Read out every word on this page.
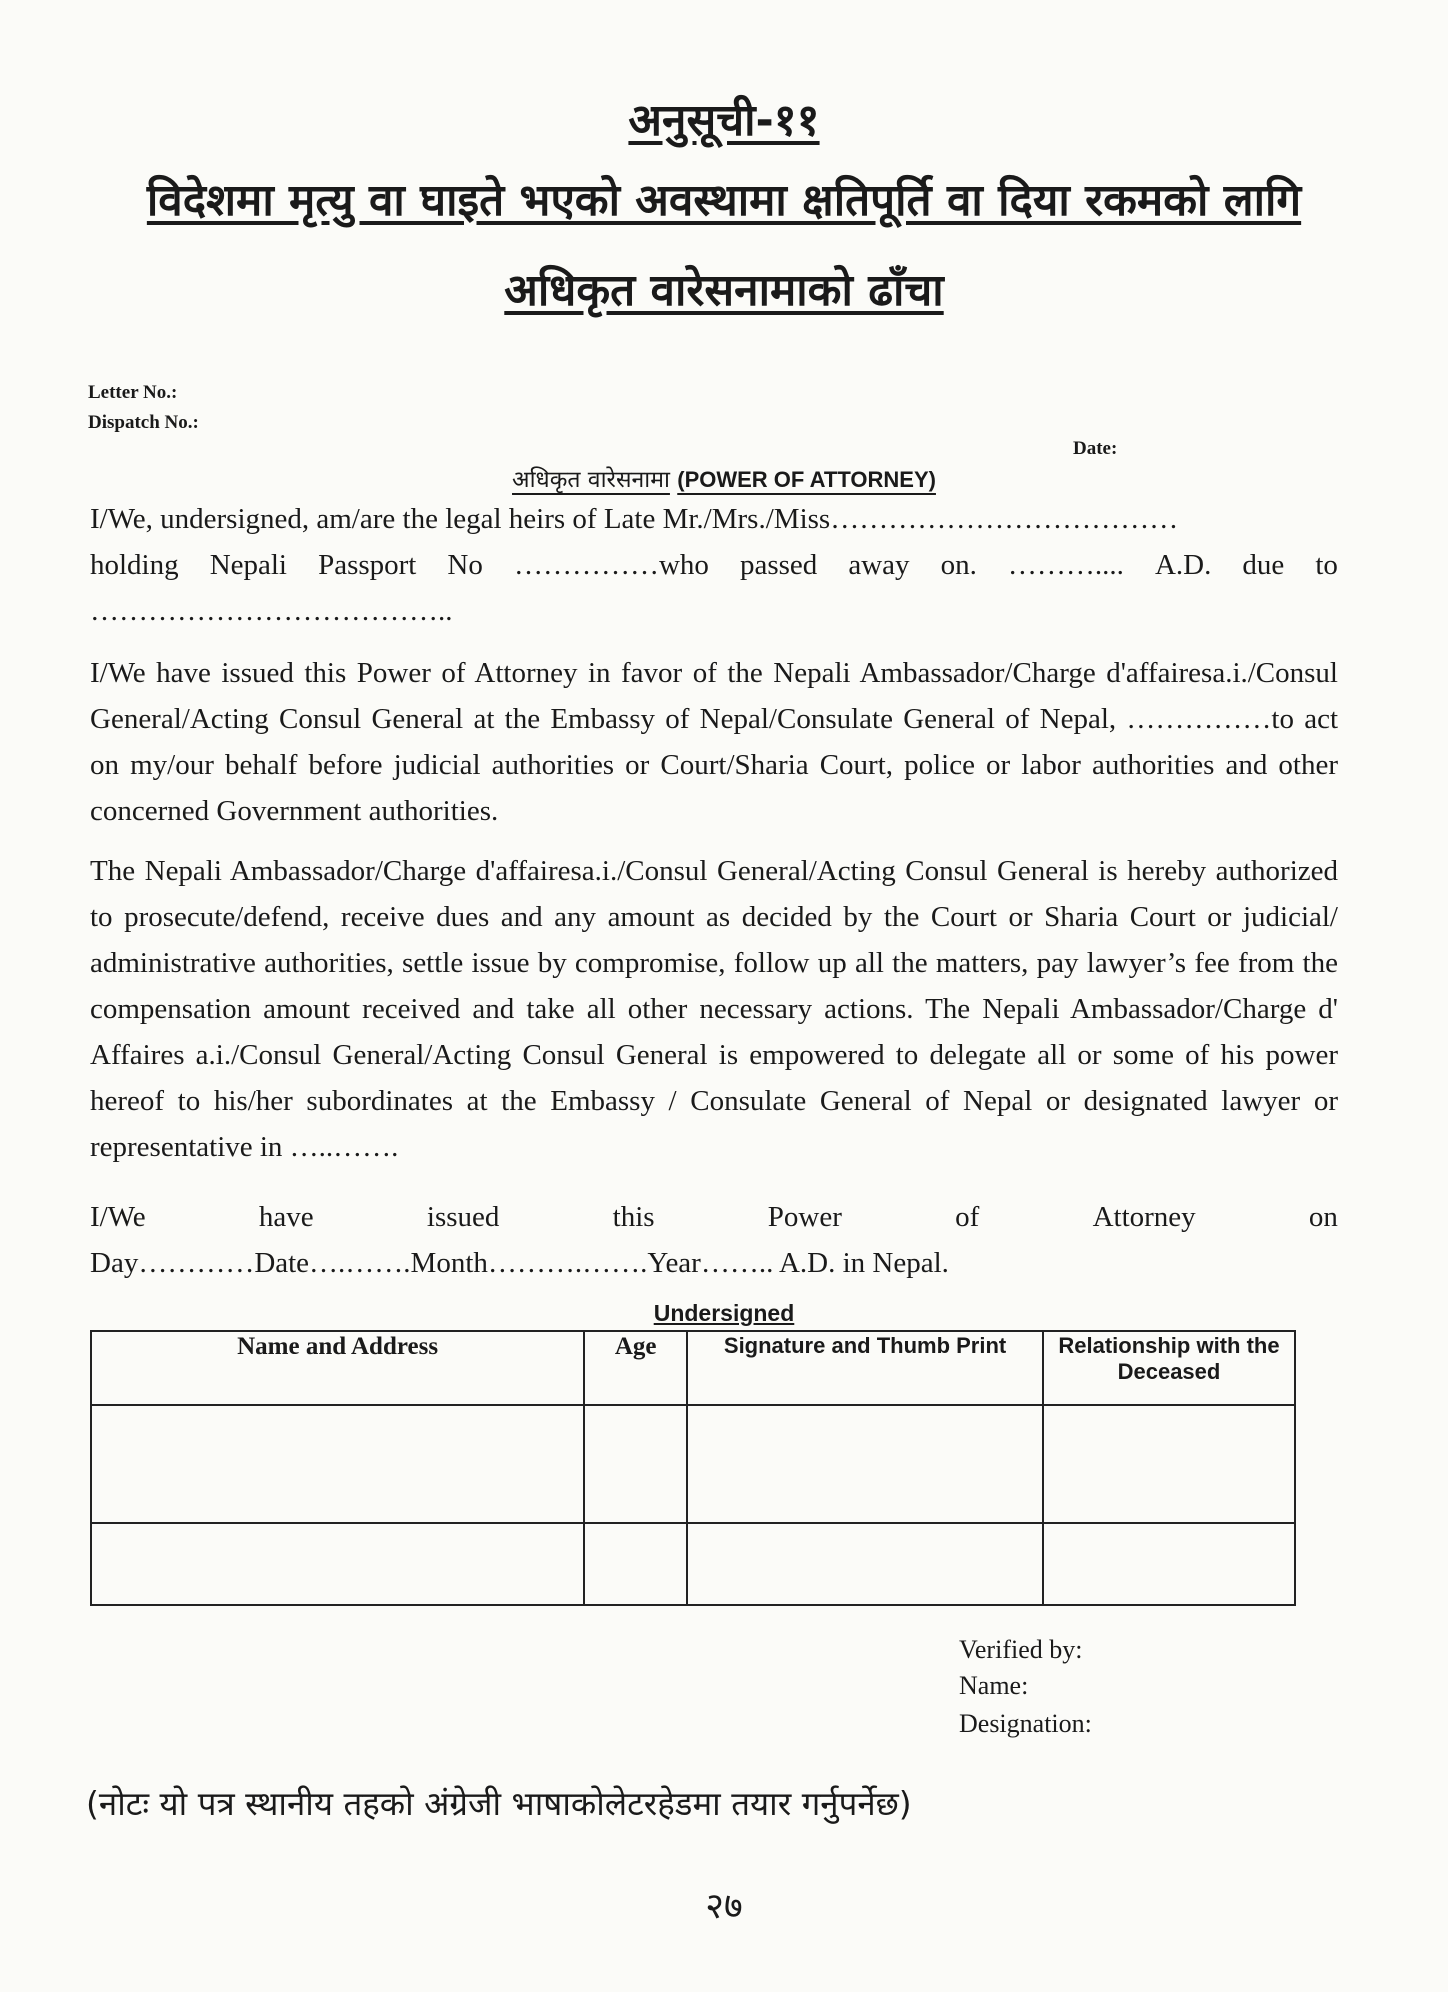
अनुसूची-११
विदेशमा मृत्यु वा घाइते भएको अवस्थामा क्षतिपूर्ति वा दिया रकमको लागि
अधिकृत वारेसनामाको ढाँचा
Letter No.:
Dispatch No.:
Date:
अधिकृत वारेसनामा (POWER OF ATTORNEY)
I/We, undersigned, am/are the legal heirs of Late Mr./Mrs./Miss………………………………
holding Nepali Passport No ……………who passed away on. ……….... A.D. due to
………………………………..
I/We have issued this Power of Attorney in favor of the Nepali Ambassador/Charge d'affairesa.i./Consul General/Acting Consul General at the Embassy of Nepal/Consulate General of Nepal, ……………to act on my/our behalf before judicial authorities or Court/Sharia Court, police or labor authorities and other concerned Government authorities.
The Nepali Ambassador/Charge d'affairesa.i./Consul General/Acting Consul General is hereby authorized to prosecute/defend, receive dues and any amount as decided by the Court or Sharia Court or judicial/ administrative authorities, settle issue by compromise, follow up all the matters, pay lawyer’s fee from the compensation amount received and take all other necessary actions. The Nepali Ambassador/Charge d' Affaires a.i./Consul General/Acting Consul General is empowered to delegate all or some of his power hereof to his/her subordinates at the Embassy / Consulate General of Nepal or designated lawyer or representative in …..…….
I/We	have	issued	this	Power	of	Attorney	on
Day…………Date….…….Month……….…….Year…….. A.D. in Nepal.
Undersigned
Name and Address	Age	Signature and Thumb Print	Relationship with the Deceased

Verified by:
Name:
Designation:
(नोटः यो पत्र स्थानीय तहको अंग्रेजी भाषाकोलेटरहेडमा तयार गर्नुपर्नेछ)
२७
